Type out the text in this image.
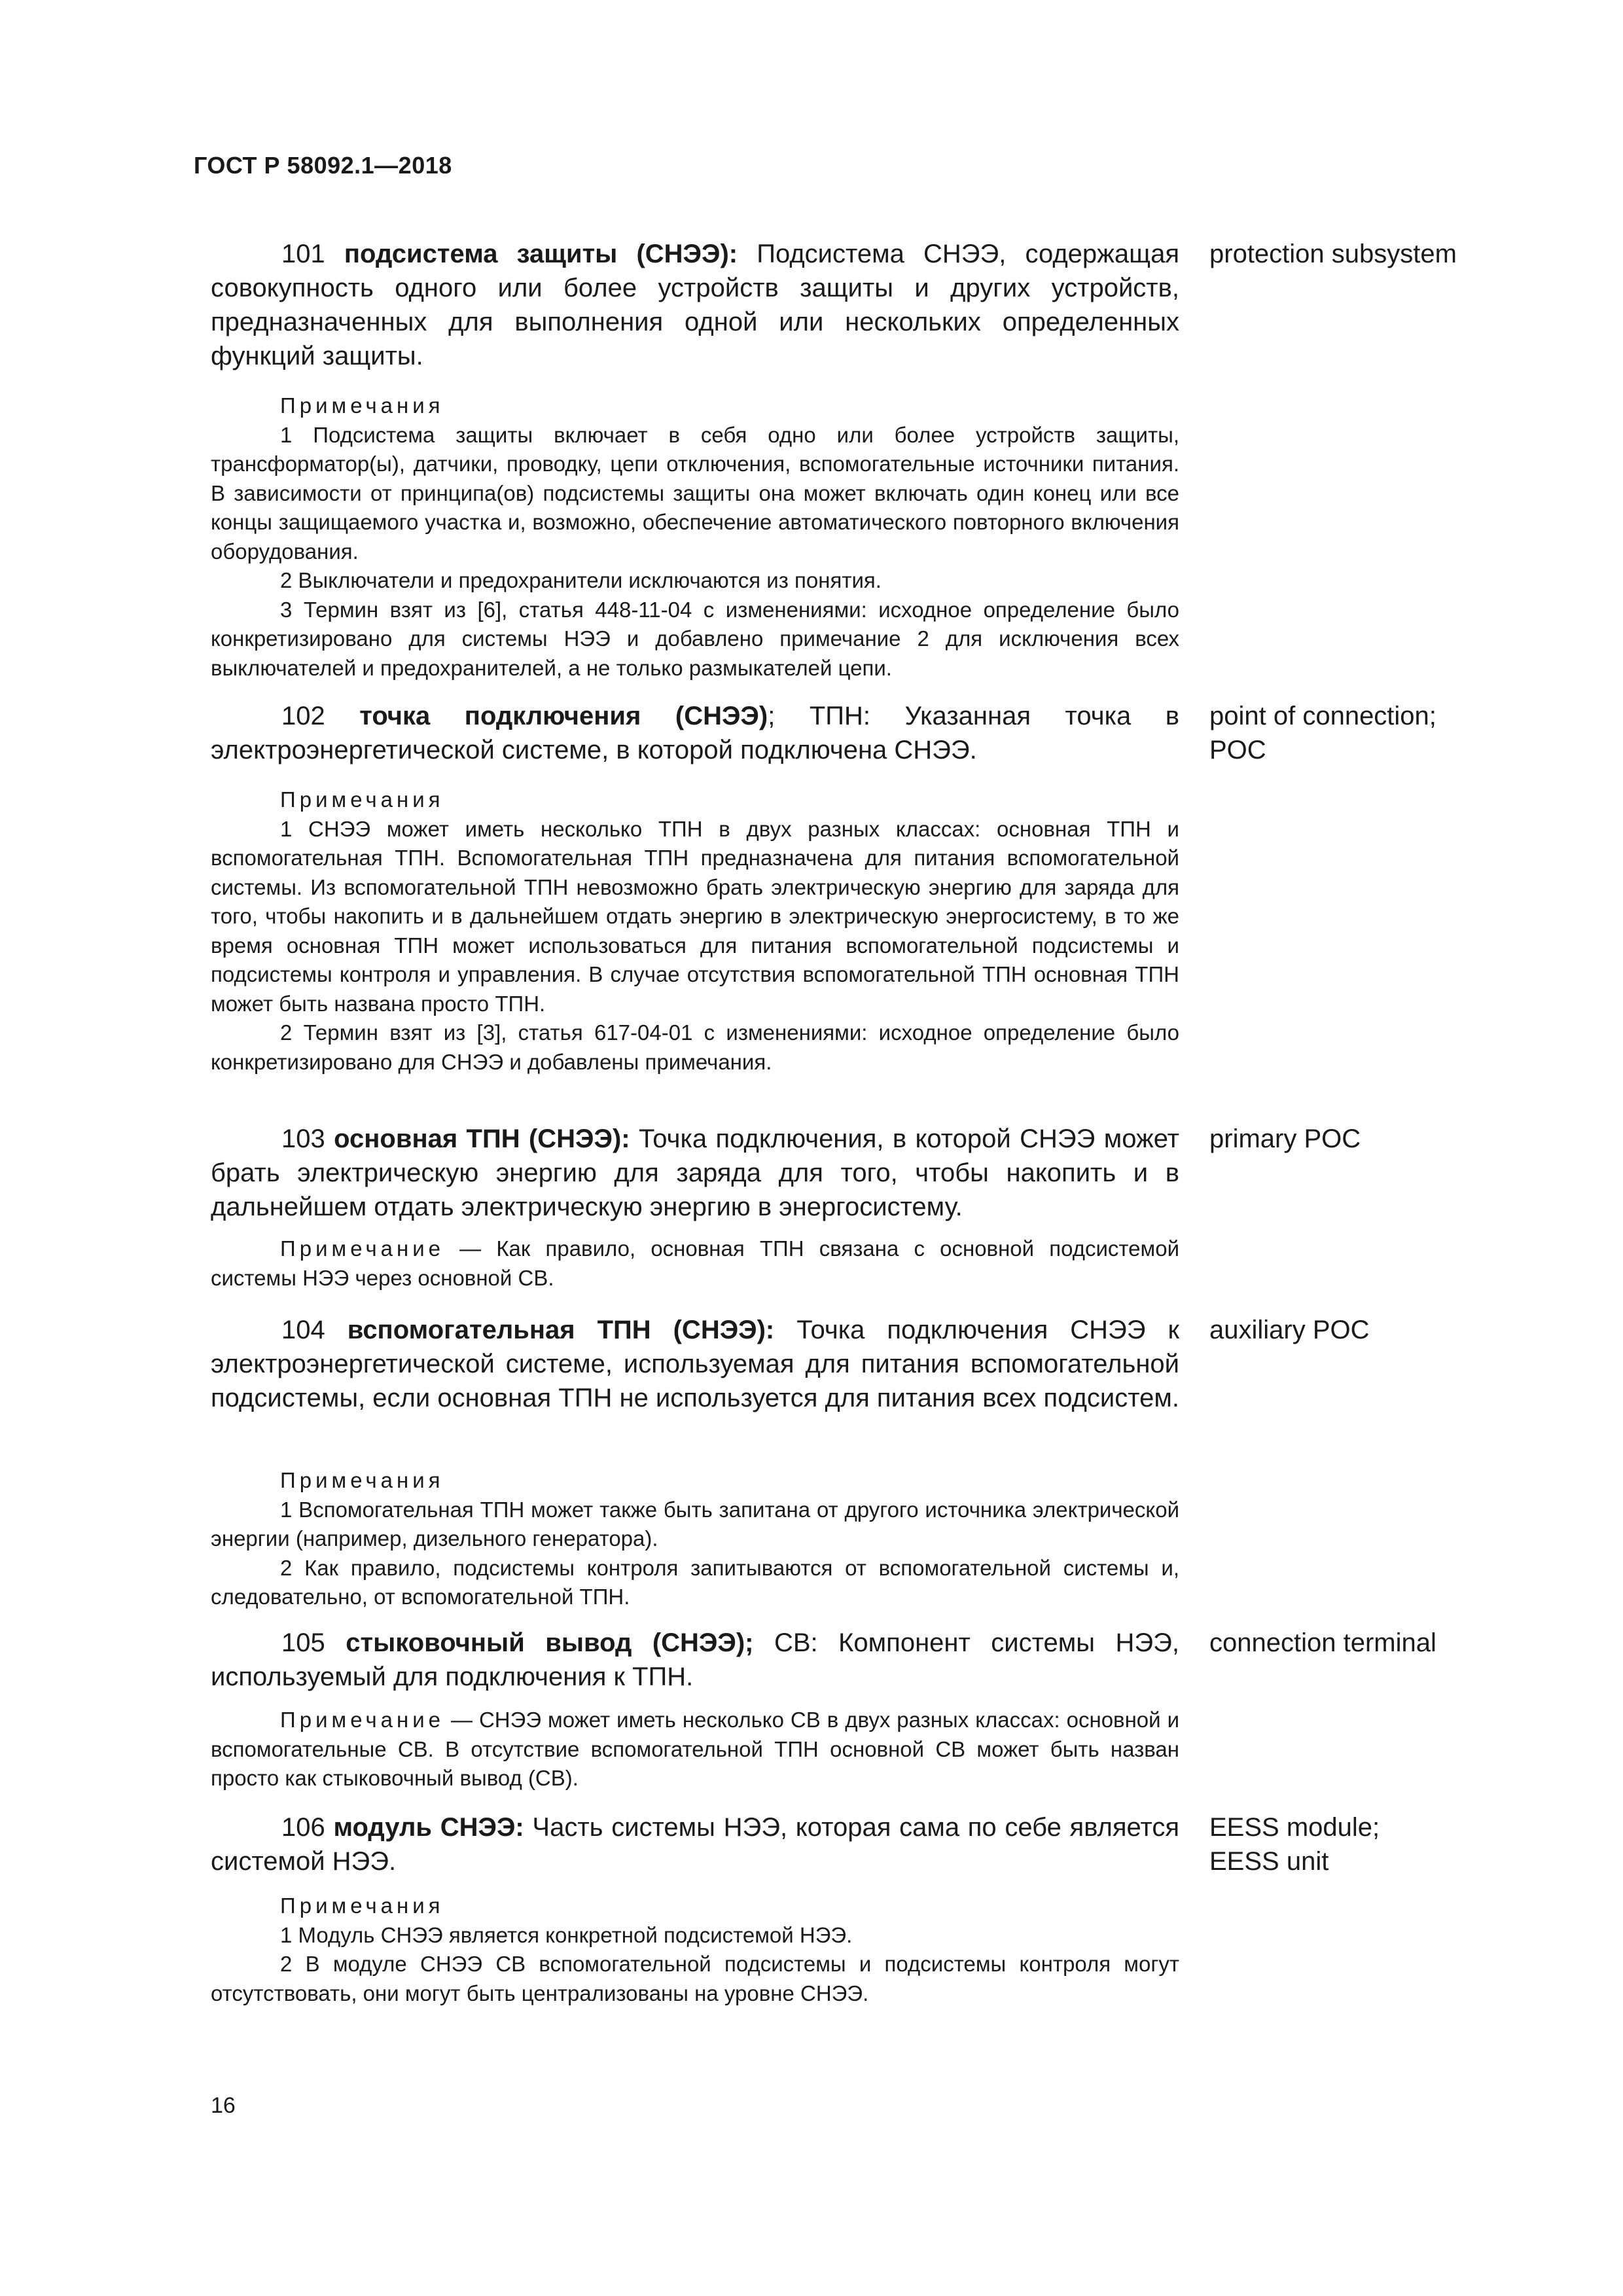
ГОСТ Р 58092.1—2018

101 подсистема защиты (СНЭЭ): Подсистема СНЭЭ, содержащая совокупность одного или более устройств защиты и других устройств, предназначенных для выполнения одной или нескольких определенных функций защиты.

protection subsystem

Примечания

1 Подсистема защиты включает в себя одно или более устройств защиты, трансформатор(ы), датчики, проводку, цепи отключения, вспомогательные источники питания. В зависимости от принципа(ов) подсистемы защиты она может включать один конец или все концы защищаемого участка и, возможно, обеспечение автоматического повторного включения оборудования.

2 Выключатели и предохранители исключаются из понятия.

3 Термин взят из [6], статья 448-11-04 с изменениями: исходное определение было конкретизировано для системы НЭЭ и добавлено примечание 2 для исключения всех выключателей и предохранителей, а не только размыкателей цепи.

102 точка подключения (СНЭЭ); ТПН: Указанная точка в электроэнергетической системе, в которой подключена СНЭЭ.

point of connection;
POC

Примечания

1 СНЭЭ может иметь несколько ТПН в двух разных классах: основная ТПН и вспомогательная ТПН. Вспомогательная ТПН предназначена для питания вспомогательной системы. Из вспомогательной ТПН невозможно брать электрическую энергию для заряда для того, чтобы накопить и в дальнейшем отдать энергию в электрическую энергосистему, в то же время основная ТПН может использоваться для питания вспомогательной подсистемы и подсистемы контроля и управления. В случае отсутствия вспомогательной ТПН основная ТПН может быть названа просто ТПН.

2 Термин взят из [3], статья 617-04-01 с изменениями: исходное определение было конкретизировано для СНЭЭ и добавлены примечания.

103 основная ТПН (СНЭЭ): Точка подключения, в которой СНЭЭ может брать электрическую энергию для заряда для того, чтобы накопить и в дальнейшем отдать электрическую энергию в энергосистему.

primary POC

Примечание — Как правило, основная ТПН связана с основной подсистемой системы НЭЭ через основной СВ.

104 вспомогательная ТПН (СНЭЭ): Точка подключения СНЭЭ к электроэнергетической системе, используемая для питания вспомогательной подсистемы, если основная ТПН не используется для питания всех подсистем.

auxiliary POC

Примечания

1 Вспомогательная ТПН может также быть запитана от другого источника электрической энергии (например, дизельного генератора).

2 Как правило, подсистемы контроля запитываются от вспомогательной системы и, следовательно, от вспомогательной ТПН.

105 стыковочный вывод (СНЭЭ); СВ: Компонент системы НЭЭ, используемый для подключения к ТПН.

connection terminal

Примечание — СНЭЭ может иметь несколько СВ в двух разных классах: основной и вспомогательные СВ. В отсутствие вспомогательной ТПН основной СВ может быть назван просто как стыковочный вывод (СВ).

106 модуль СНЭЭ: Часть системы НЭЭ, которая сама по себе является системой НЭЭ.

EESS module;
EESS unit

Примечания

1 Модуль СНЭЭ является конкретной подсистемой НЭЭ.

2 В модуле СНЭЭ СВ вспомогательной подсистемы и подсистемы контроля могут отсутствовать, они могут быть централизованы на уровне СНЭЭ.

16
